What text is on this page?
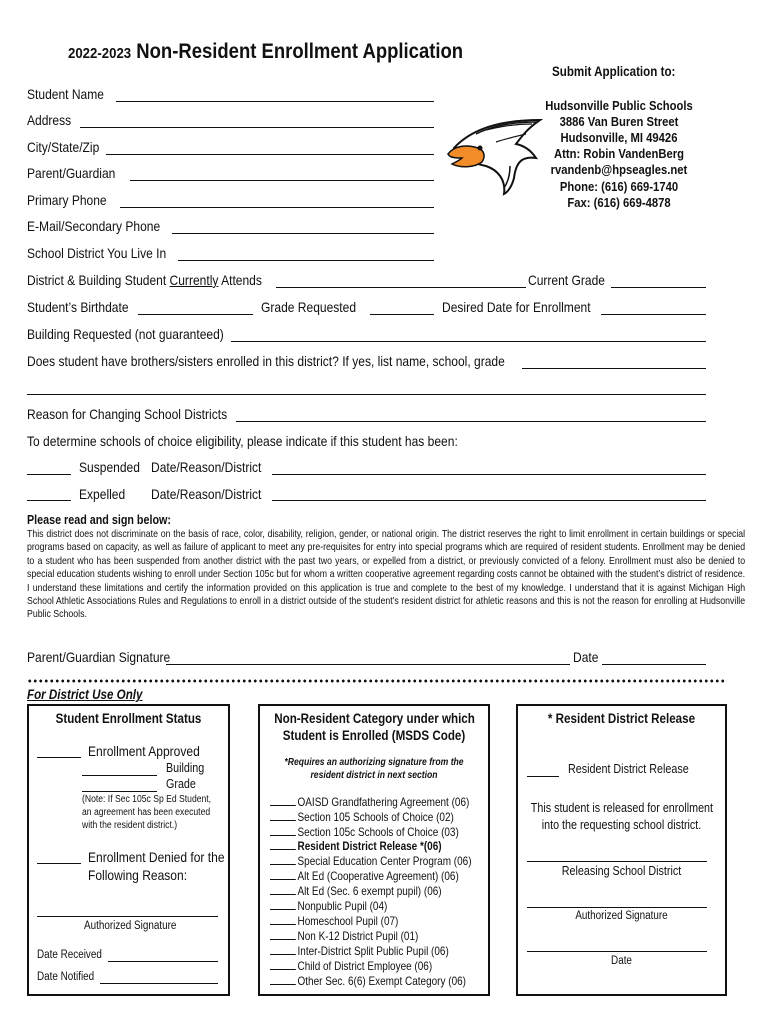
2022-2023 Non-Resident Enrollment Application
Submit Application to:
Hudsonville Public Schools
3886 Van Buren Street
Hudsonville, MI 49426
Attn: Robin VandenBerg
rvandenb@hpseagles.net
Phone: (616) 669-1740
Fax: (616) 669-4878
Student Name
Address
City/State/Zip
Parent/Guardian
Primary Phone
E-Mail/Secondary Phone
School District You Live In
District & Building Student Currently Attends	Current Grade
Student’s Birthdate	Grade Requested	Desired Date for Enrollment
Building Requested (not guaranteed)
Does student have brothers/sisters enrolled in this district? If yes, list name, school, grade
Reason for Changing School Districts
To determine schools of choice eligibility, please indicate if this student has been:
Suspended Date/Reason/District
Expelled Date/Reason/District
Please read and sign below:
This district does not discriminate on the basis of race, color, disability, religion, gender, or national origin. The district reserves the right to limit enrollment in certain buildings or special programs based on capacity, as well as failure of applicant to meet any pre-requisites for entry into special programs which are required of resident students. Enrollment may be denied to a student who has been suspended from another district with the past two years, or expelled from a district, or previously convicted of a felony. Enrollment must also be denied to special education students wishing to enroll under Section 105c but for whom a written cooperative agreement regarding costs cannot be obtained with the student’s district of residence. I understand these limitations and certify the information provided on this application is true and complete to the best of my knowledge. I understand that it is against Michigan High School Athletic Associations Rules and Regulations to enroll in a district outside of the student’s resident district for athletic reasons and this is not the reason for enrolling at Hudsonville Public Schools.
Parent/Guardian Signature	Date
For District Use Only
Student Enrollment Status
Enrollment Approved
Building
Grade
(Note: If Sec 105c Sp Ed Student,
an agreement has been executed
with the resident district.)
Enrollment Denied for the
Following Reason:
Authorized Signature
Date Received
Date Notified
Non-Resident Category under which
Student is Enrolled (MSDS Code)
*Requires an authorizing signature from the
resident district in next section
OAISD Grandfathering Agreement (06)
Section 105 Schools of Choice (02)
Section 105c Schools of Choice (03)
Resident District Release *(06)
Special Education Center Program (06)
Alt Ed (Cooperative Agreement) (06)
Alt Ed (Sec. 6 exempt pupil) (06)
Nonpublic Pupil (04)
Homeschool Pupil (07)
Non K-12 District Pupil (01)
Inter-District Split Public Pupil (06)
Child of District Employee (06)
Other Sec. 6(6) Exempt Category (06)
* Resident District Release
Resident District Release
This student is released for enrollment
into the requesting school district.
Releasing School District
Authorized Signature
Date
